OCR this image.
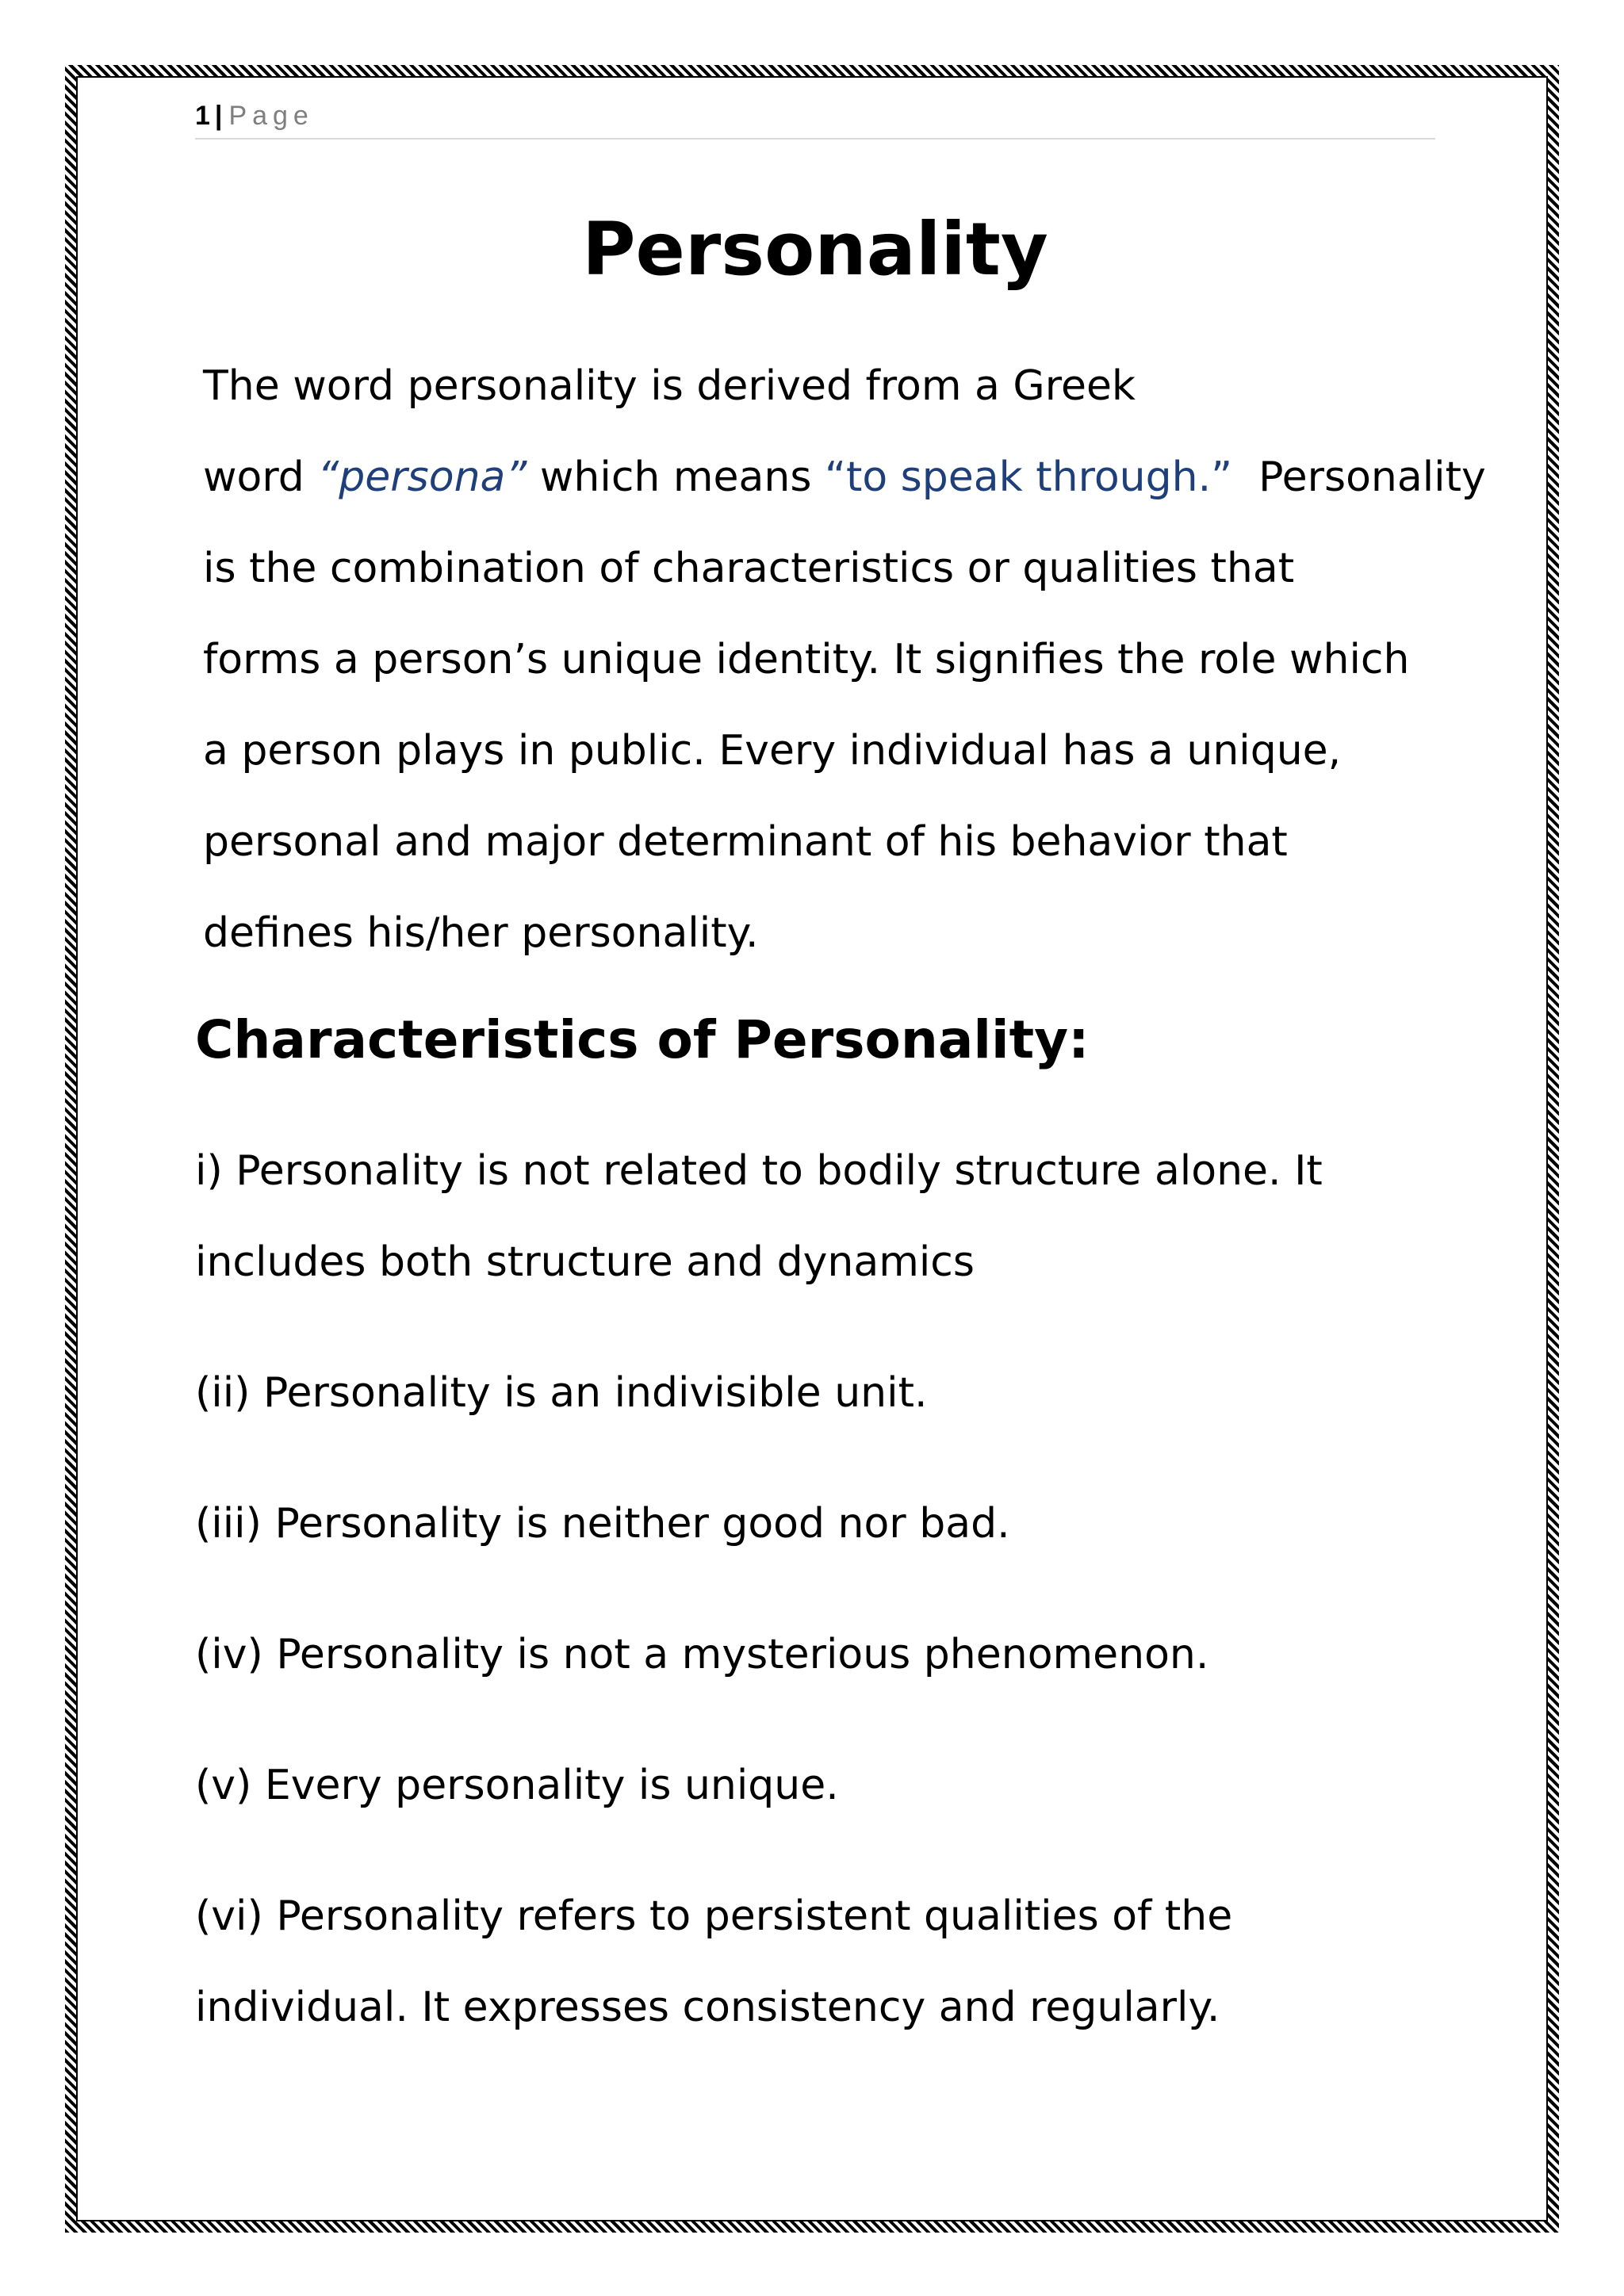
1 | Page
Personality

The word personality is derived from a Greek
word “persona” which means “to speak through.”  Personality
is the combination of characteristics or qualities that
forms a person’s unique identity. It signifies the role which
a person plays in public. Every individual has a unique,
personal and major determinant of his behavior that
defines his/her personality.

Characteristics of Personality:
i) Personality is not related to bodily structure alone. It
includes both structure and dynamics
(ii) Personality is an indivisible unit.
(iii) Personality is neither good nor bad.
(iv) Personality is not a mysterious phenomenon.
(v) Every personality is unique.
(vi) Personality refers to persistent qualities of the
individual. It expresses consistency and regularly.
